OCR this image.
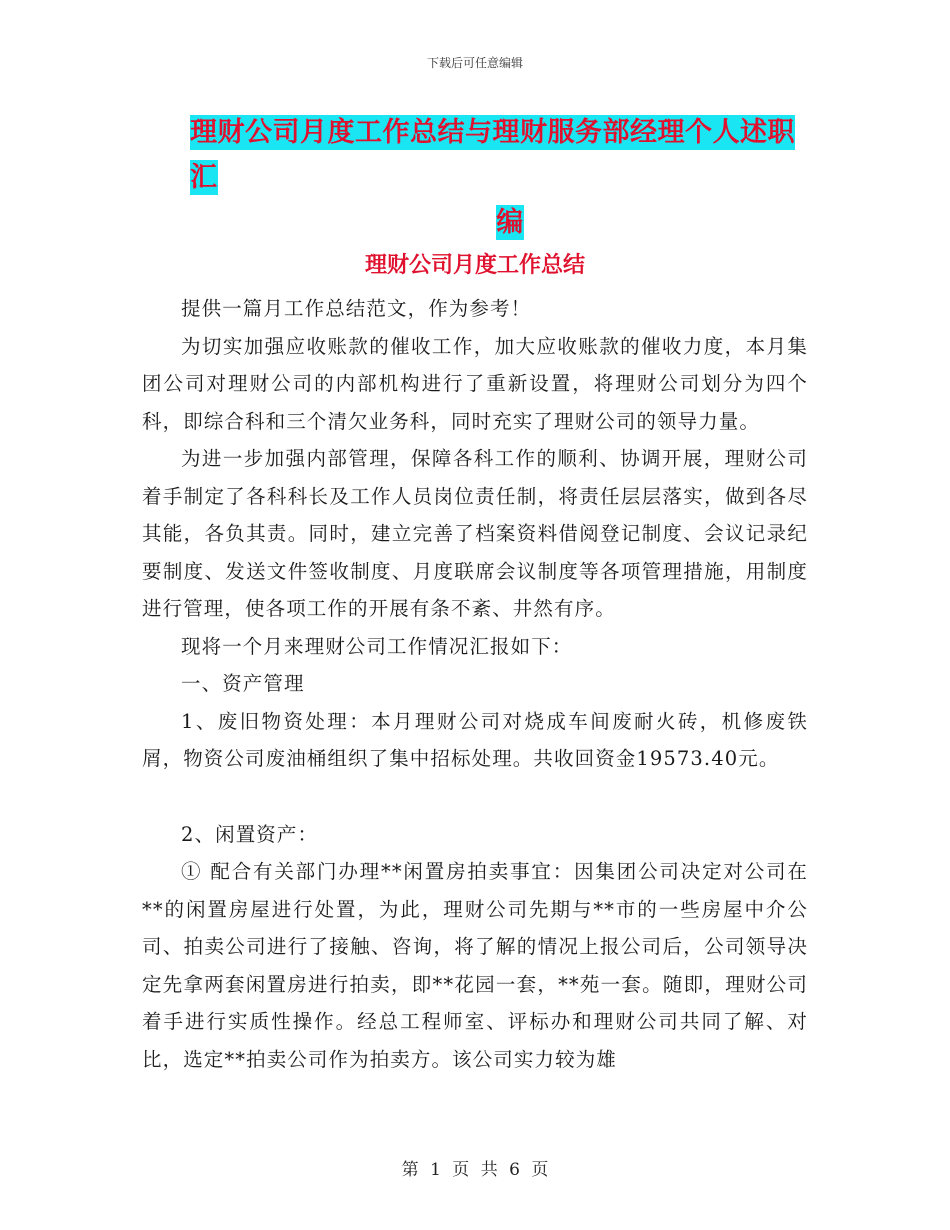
下载后可任意编辑
理财公司月度工作总结与理财服务部经理个人述职汇
编
理财公司月度工作总结

提供一篇月工作总结范文，作为参考！

为切实加强应收账款的催收工作，加大应收账款的催收力度，本月集团公司对理财公司的内部机构进行了重新设置，将理财公司划分为四个科，即综合科和三个清欠业务科，同时充实了理财公司的领导力量。

为进一步加强内部管理，保障各科工作的顺利、协调开展，理财公司着手制定了各科科长及工作人员岗位责任制，将责任层层落实，做到各尽其能，各负其责。同时，建立完善了档案资料借阅登记制度、会议记录纪要制度、发送文件签收制度、月度联席会议制度等各项管理措施，用制度进行管理，使各项工作的开展有条不紊、井然有序。

现将一个月来理财公司工作情况汇报如下：

一、资产管理

1、废旧物资处理：本月理财公司对烧成车间废耐火砖，机修废铁屑，物资公司废油桶组织了集中招标处理。共收回资金19573.40元。

2、闲置资产：

① 配合有关部门办理**闲置房拍卖事宜：因集团公司决定对公司在**的闲置房屋进行处置，为此，理财公司先期与**市的一些房屋中介公司、拍卖公司进行了接触、咨询，将了解的情况上报公司后，公司领导决定先拿两套闲置房进行拍卖，即**花园一套，**苑一套。随即，理财公司着手进行实质性操作。经总工程师室、评标办和理财公司共同了解、对比，选定**拍卖公司作为拍卖方。该公司实力较为雄

第 1 页 共 6 页
